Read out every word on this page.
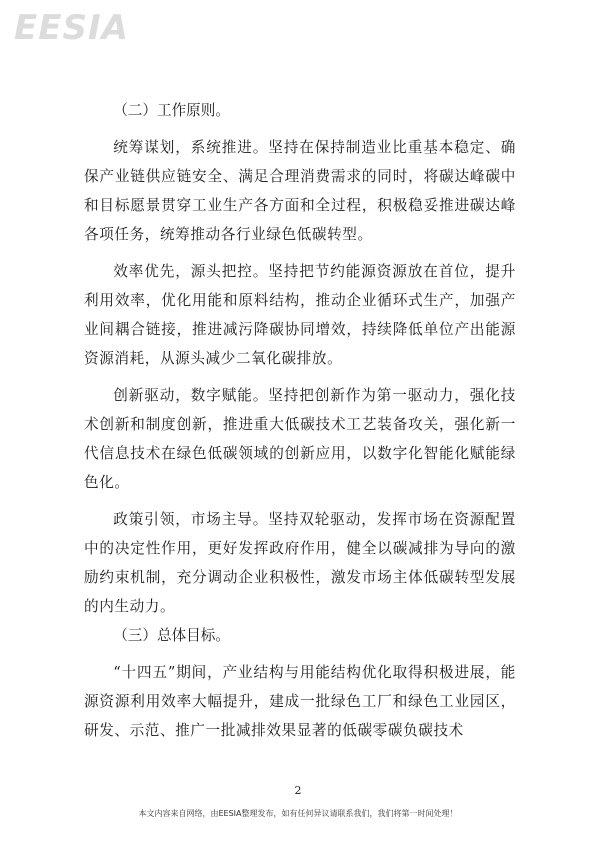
EESIA

（二）工作原则。

统筹谋划，系统推进。坚持在保持制造业比重基本稳定、确保产业链供应链安全、满足合理消费需求的同时，将碳达峰碳中和目标愿景贯穿工业生产各方面和全过程，积极稳妥推进碳达峰各项任务，统筹推动各行业绿色低碳转型。

效率优先，源头把控。坚持把节约能源资源放在首位，提升利用效率，优化用能和原料结构，推动企业循环式生产，加强产业间耦合链接，推进减污降碳协同增效，持续降低单位产出能源资源消耗，从源头减少二氧化碳排放。

创新驱动，数字赋能。坚持把创新作为第一驱动力，强化技术创新和制度创新，推进重大低碳技术工艺装备攻关，强化新一代信息技术在绿色低碳领域的创新应用，以数字化智能化赋能绿色化。

政策引领，市场主导。坚持双轮驱动，发挥市场在资源配置中的决定性作用，更好发挥政府作用，健全以碳减排为导向的激励约束机制，充分调动企业积极性，激发市场主体低碳转型发展的内生动力。

（三）总体目标。

“十四五”期间，产业结构与用能结构优化取得积极进展，能源资源利用效率大幅提升，建成一批绿色工厂和绿色工业园区，研发、示范、推广一批减排效果显著的低碳零碳负碳技术

2
本文内容来自网络，由EESIA整理发布，如有任何异议请联系我们，我们将第一时间处理！
